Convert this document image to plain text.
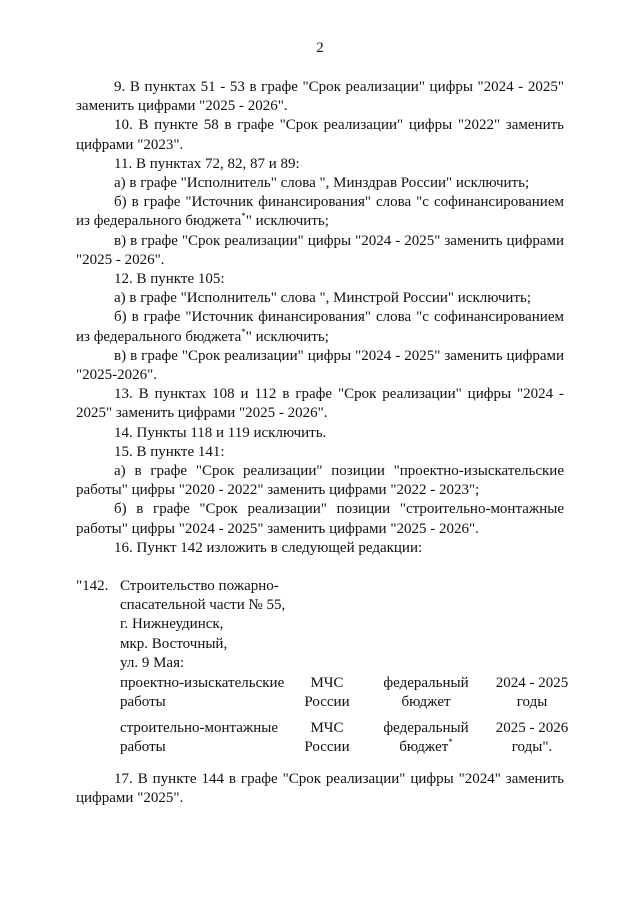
2

9. В пунктах 51 - 53 в графе "Срок реализации" цифры "2024 - 2025" заменить цифрами "2025 - 2026".

10. В пункте 58 в графе "Срок реализации" цифры "2022" заменить цифрами "2023".

11. В пунктах 72, 82, 87 и 89:

а) в графе "Исполнитель" слова ", Минздрав России" исключить;

б) в графе "Источник финансирования" слова "с софинансированием из федерального бюджета*" исключить;

в) в графе "Срок реализации" цифры "2024 - 2025" заменить цифрами "2025 - 2026".

12. В пункте 105:

а) в графе "Исполнитель" слова ", Минстрой России" исключить;

б) в графе "Источник финансирования" слова "с софинансированием из федерального бюджета*" исключить;

в) в графе "Срок реализации" цифры "2024 - 2025" заменить цифрами "2025-2026".

13. В пунктах 108 и 112 в графе "Срок реализации" цифры "2024 - 2025" заменить цифрами "2025 - 2026".

14. Пункты 118 и 119 исключить.

15. В пункте 141:

а) в графе "Срок реализации" позиции "проектно-изыскательские работы" цифры "2020 - 2022" заменить цифрами "2022 - 2023";

б) в графе "Срок реализации" позиции "строительно-монтажные работы" цифры "2024 - 2025" заменить цифрами "2025 - 2026".

16. Пункт 142 изложить в следующей редакции:

"142. Строительство пожарно-
спасательной части № 55,
г. Нижнеудинск,
мкр. Восточный,
ул. 9 Мая:
проектно-изыскательские
работы
МЧС
России
федеральный
бюджет
2024 - 2025
годы
строительно-монтажные
работы
МЧС
России
федеральный
бюджет*
2025 - 2026
годы".

17. В пункте 144 в графе "Срок реализации" цифры "2024" заменить цифрами "2025".
